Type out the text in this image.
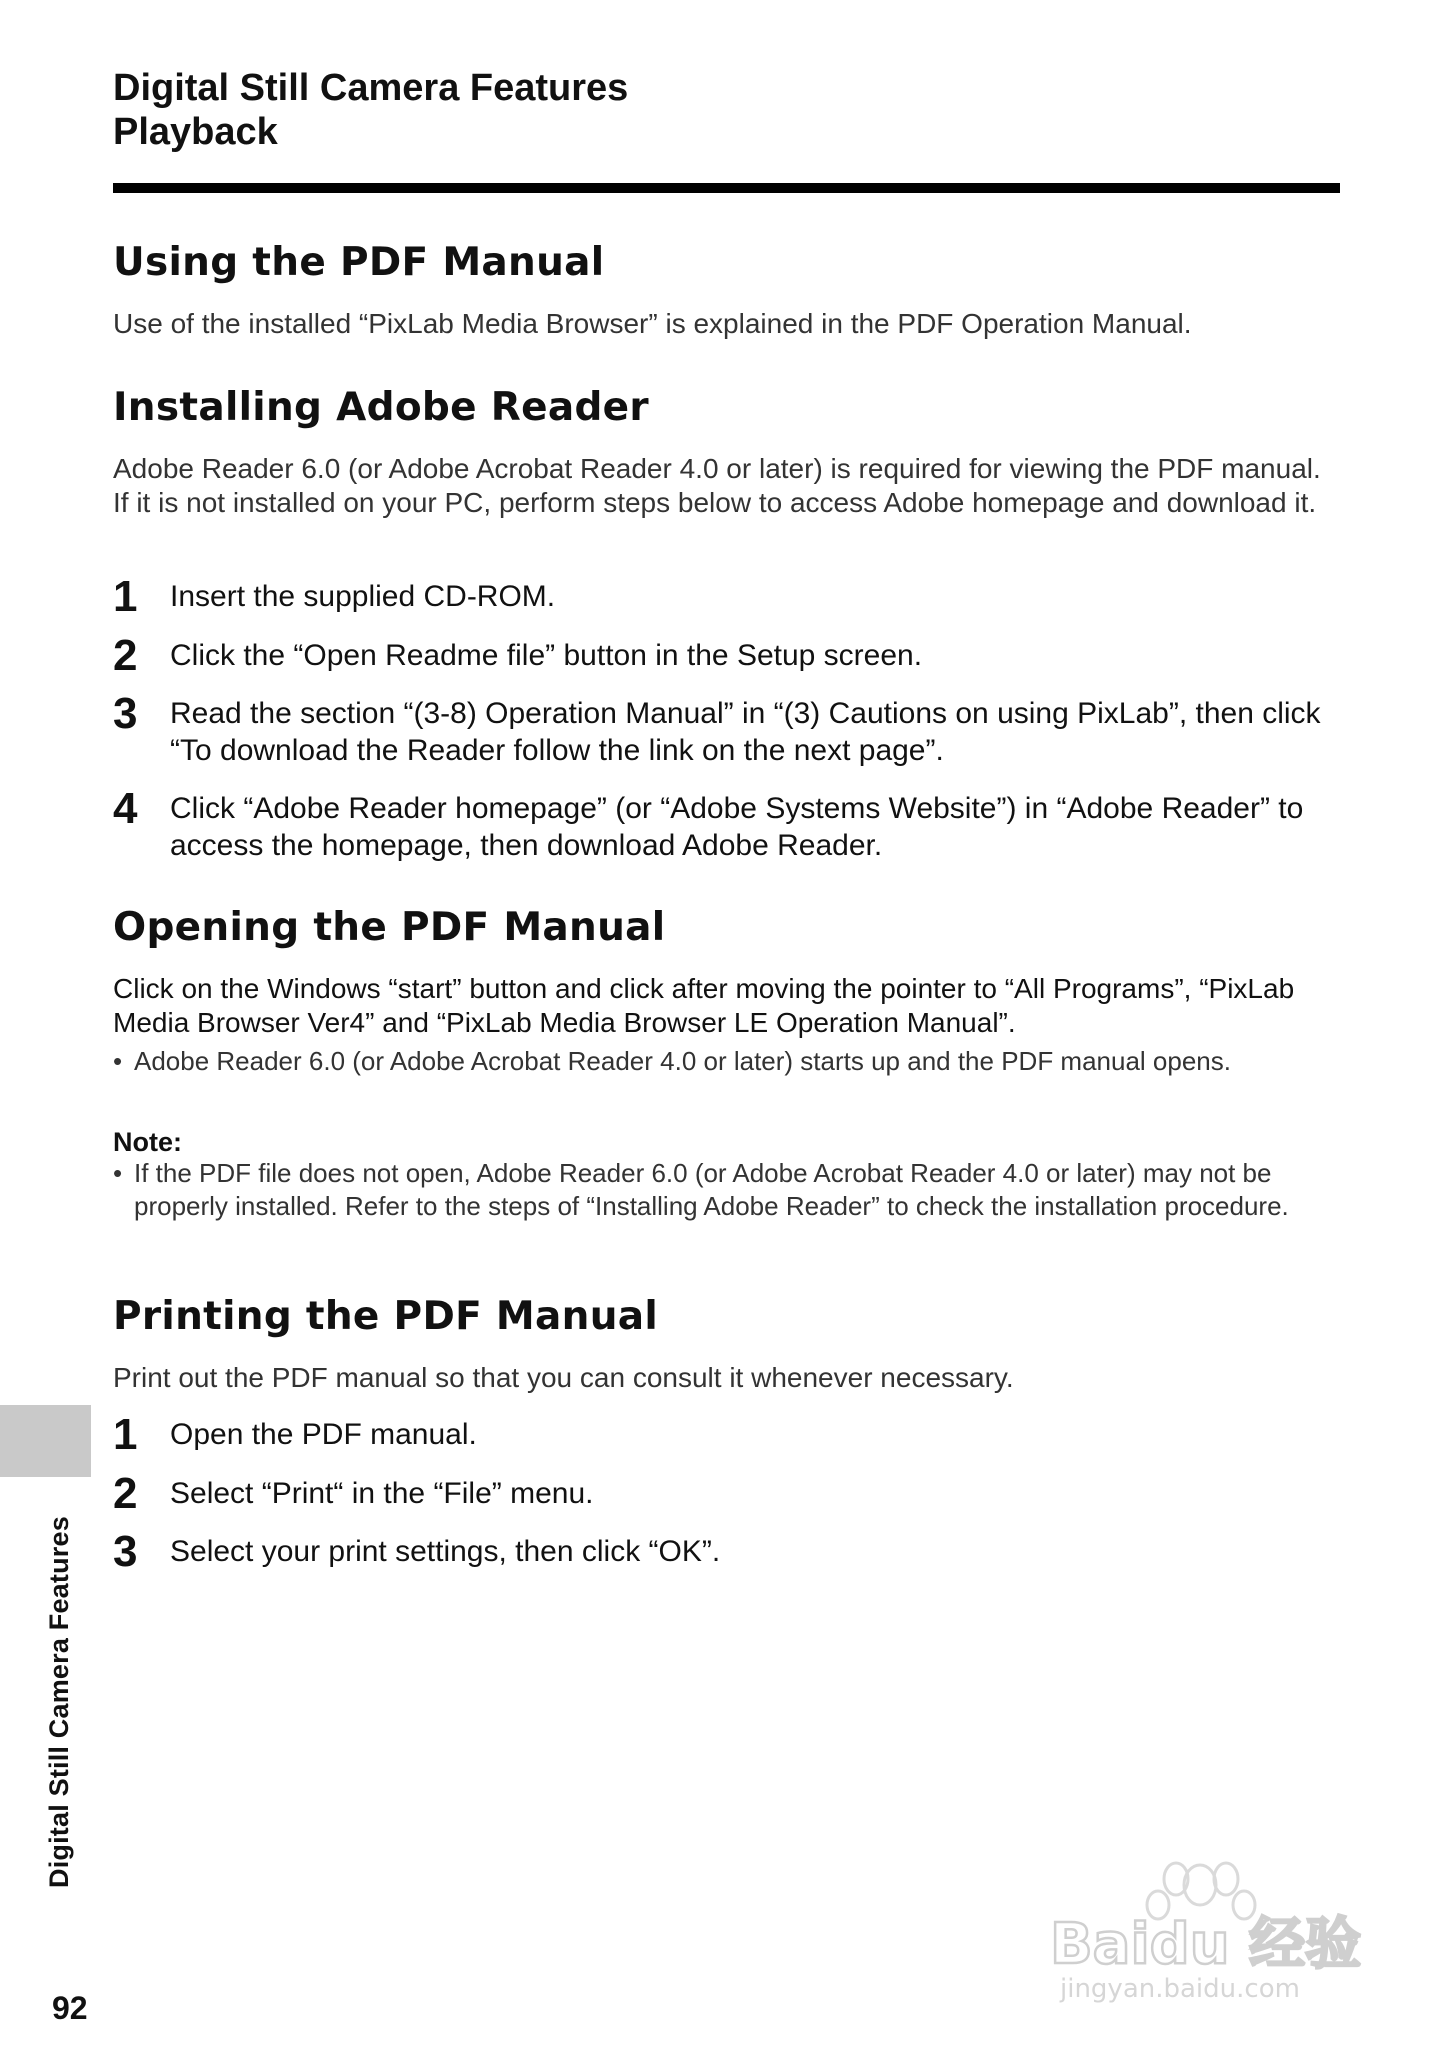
Digital Still Camera Features
Playback
Using the PDF Manual
Use of the installed “PixLab Media Browser” is explained in the PDF Operation Manual.
Installing Adobe Reader
Adobe Reader 6.0 (or Adobe Acrobat Reader 4.0 or later) is required for viewing the PDF manual. If it is not installed on your PC, perform steps below to access Adobe homepage and download it.
1 Insert the supplied CD-ROM.
2 Click the “Open Readme file” button in the Setup screen.
3 Read the section “(3-8) Operation Manual” in “(3) Cautions on using PixLab”, then click “To download the Reader follow the link on the next page”.
4 Click “Adobe Reader homepage” (or “Adobe Systems Website”) in “Adobe Reader” to access the homepage, then download Adobe Reader.
Opening the PDF Manual
Click on the Windows “start” button and click after moving the pointer to “All Programs”, “PixLab Media Browser Ver4” and “PixLab Media Browser LE Operation Manual”.
• Adobe Reader 6.0 (or Adobe Acrobat Reader 4.0 or later) starts up and the PDF manual opens.
Note:
• If the PDF file does not open, Adobe Reader 6.0 (or Adobe Acrobat Reader 4.0 or later) may not be properly installed. Refer to the steps of “Installing Adobe Reader” to check the installation procedure.
Printing the PDF Manual
Print out the PDF manual so that you can consult it whenever necessary.
1 Open the PDF manual.
2 Select “Print“ in the “File” menu.
3 Select your print settings, then click “OK”.
Digital Still Camera Features
92
Baidu 经验
jingyan.baidu.com
